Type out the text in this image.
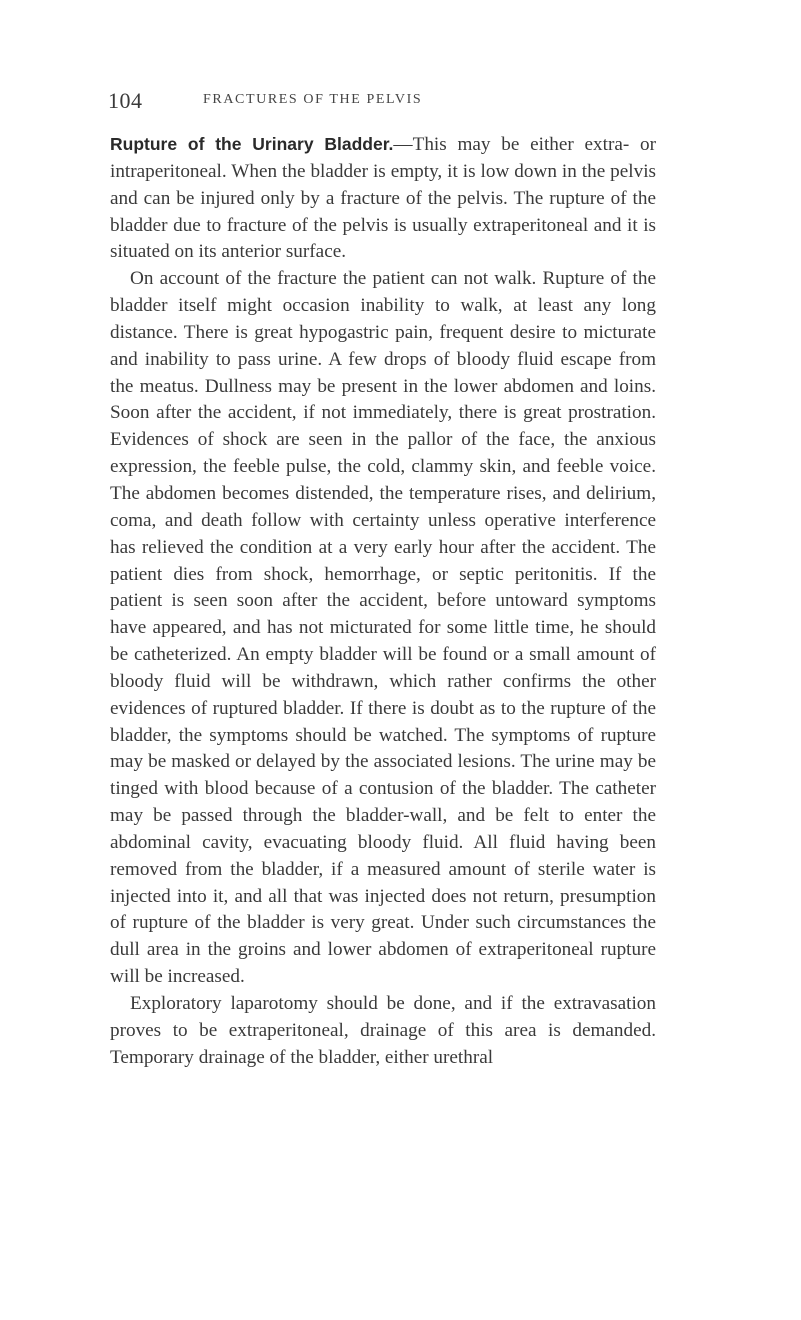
104	FRACTURES OF THE PELVIS

Rupture of the Urinary Bladder.—This may be either extra- or intraperitoneal. When the bladder is empty, it is low down in the pelvis and can be injured only by a fracture of the pelvis. The rupture of the bladder due to fracture of the pelvis is usually extraperitoneal and it is situated on its anterior surface.

On account of the fracture the patient can not walk. Rupture of the bladder itself might occasion inability to walk, at least any long distance. There is great hypogastric pain, frequent desire to micturate and inability to pass urine. A few drops of bloody fluid escape from the meatus. Dullness may be present in the lower abdomen and loins. Soon after the accident, if not immediately, there is great prostration. Evidences of shock are seen in the pallor of the face, the anxious expression, the feeble pulse, the cold, clammy skin, and feeble voice. The abdomen becomes distended, the temperature rises, and delirium, coma, and death follow with certainty unless operative interference has relieved the condition at a very early hour after the accident. The patient dies from shock, hemorrhage, or septic peritonitis. If the patient is seen soon after the accident, before untoward symptoms have appeared, and has not micturated for some little time, he should be catheterized. An empty bladder will be found or a small amount of bloody fluid will be withdrawn, which rather confirms the other evidences of ruptured bladder. If there is doubt as to the rupture of the bladder, the symptoms should be watched. The symptoms of rupture may be masked or delayed by the associated lesions. The urine may be tinged with blood because of a contusion of the bladder. The catheter may be passed through the bladder-wall, and be felt to enter the abdominal cavity, evacuating bloody fluid. All fluid having been removed from the bladder, if a measured amount of sterile water is injected into it, and all that was injected does not return, presumption of rupture of the bladder is very great. Under such circumstances the dull area in the groins and lower abdomen of extraperitoneal rupture will be increased.

Exploratory laparotomy should be done, and if the extravasation proves to be extraperitoneal, drainage of this area is demanded. Temporary drainage of the bladder, either urethral
